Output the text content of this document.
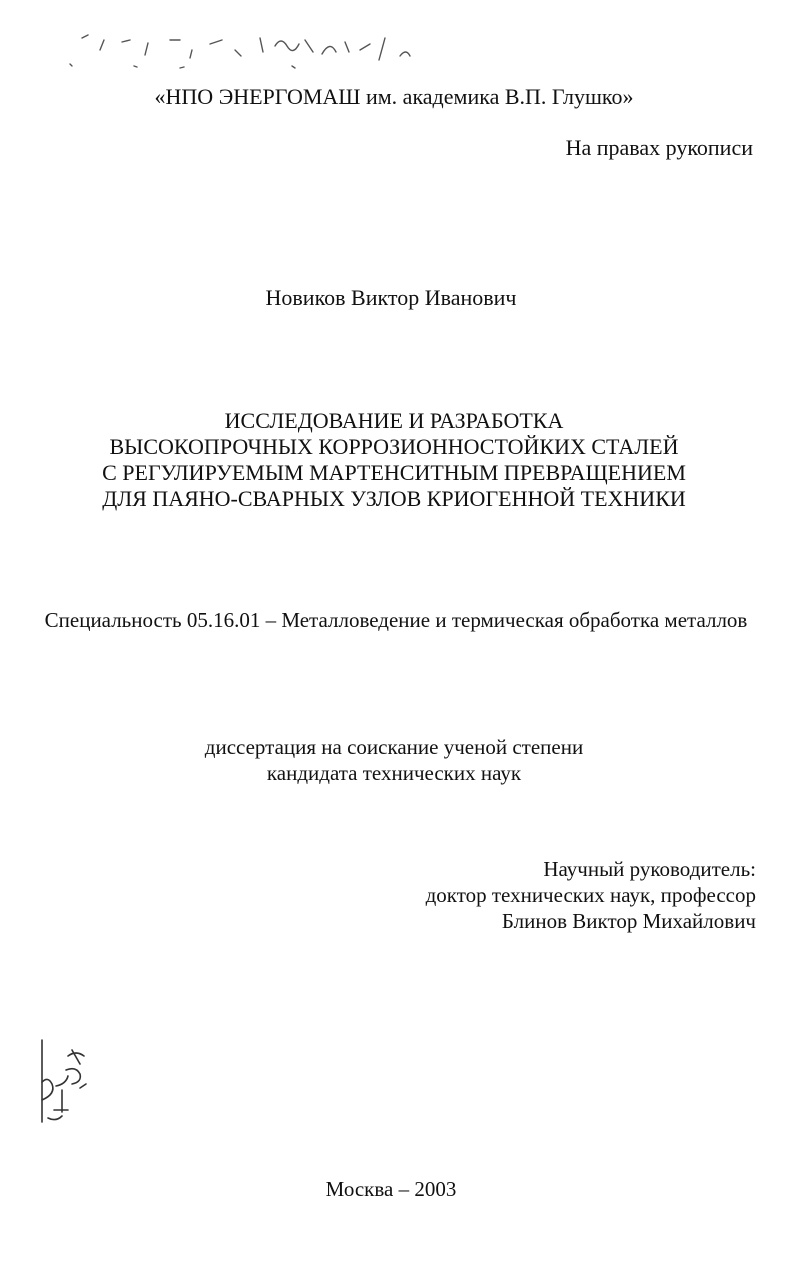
«НПО ЭНЕРГОМАШ им. академика В.П. Глушко»
На правах рукописи
Новиков Виктор Иванович
ИССЛЕДОВАНИЕ И РАЗРАБОТКА
ВЫСОКОПРОЧНЫХ КОРРОЗИОННОСТОЙКИХ СТАЛЕЙ
С РЕГУЛИРУЕМЫМ МАРТЕНСИТНЫМ ПРЕВРАЩЕНИЕМ
ДЛЯ ПАЯНО-СВАРНЫХ УЗЛОВ КРИОГЕННОЙ ТЕХНИКИ
Специальность 05.16.01 – Металловедение и термическая обработка металлов
диссертация на соискание ученой степени
кандидата технических наук
Научный руководитель:
доктор технических наук, профессор
Блинов Виктор Михайлович
Москва – 2003
